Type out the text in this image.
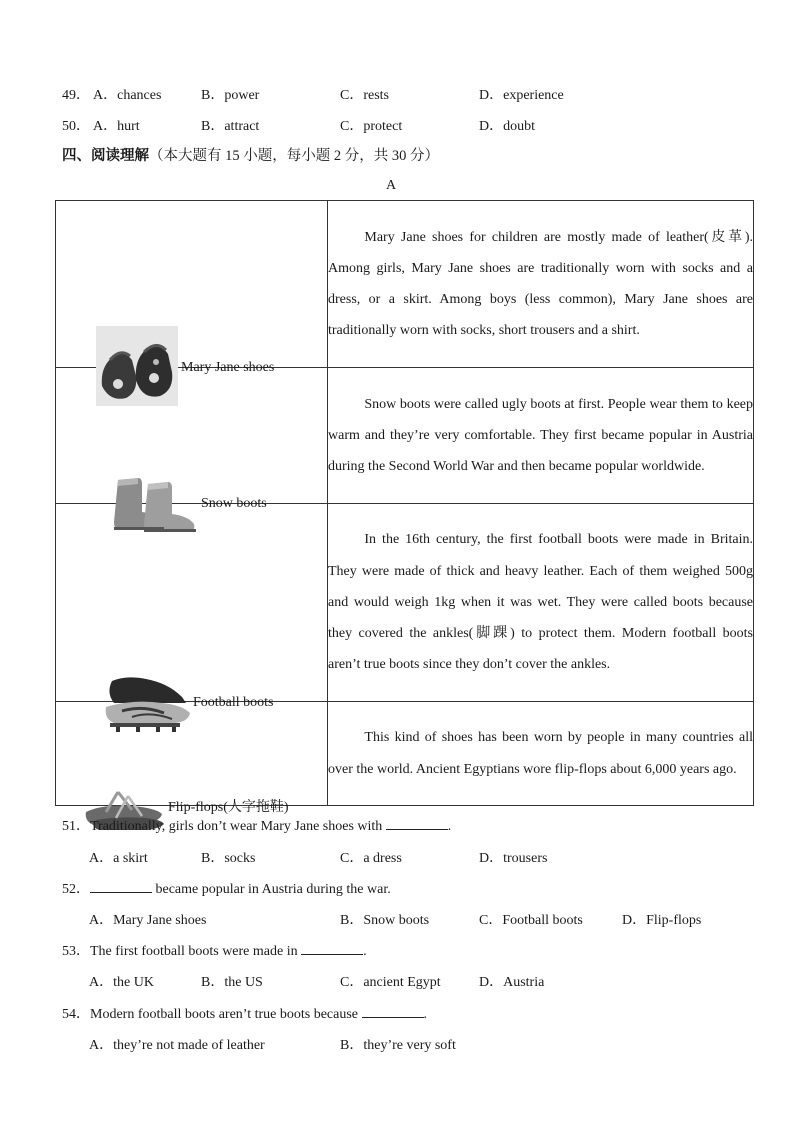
49． A．chances	B．power	C．rests	D．experience
50． A．hurt	B．attract	C．protect	D．doubt
四、阅读理解（本大题有 15 小题，每小题 2 分，共 30 分）
A
Mary Jane shoes	Mary Jane shoes for children are mostly made of leather(皮革). Among girls, Mary Jane shoes are traditionally worn with socks and a dress, or a skirt. Among boys (less common), Mary Jane shoes are traditionally worn with socks, short trousers and a shirt.

Snow boots	Snow boots were called ugly boots at first. People wear them to keep warm and they’re very comfortable. They first became popular in Austria during the Second World War and then became popular worldwide.

Football boots	In the 16th century, the first football boots were made in Britain. They were made of thick and heavy leather. Each of them weighed 500g and would weigh 1kg when it was wet. They were called boots because they covered the ankles(脚踝) to protect them. Modern football boots aren’t true boots since they don’t cover the ankles.

Flip-flops(人字拖鞋)	This kind of shoes has been worn by people in many countries all over the world. Ancient Egyptians wore flip-flops about 6,000 years ago.
51．Traditionally, girls don’t wear Mary Jane shoes with	.
A．a skirt	B．socks	C．a dress	D．trousers
52．	became popular in Austria during the war.
A．Mary Jane shoes	B．Snow boots	C．Football boots	D．Flip-flops
53．The first football boots were made in	.
A．the UK	B．the US	C．ancient Egypt	D．Austria
54．Modern football boots aren’t true boots because	.
A．they’re not made of leather	B．they’re very soft
